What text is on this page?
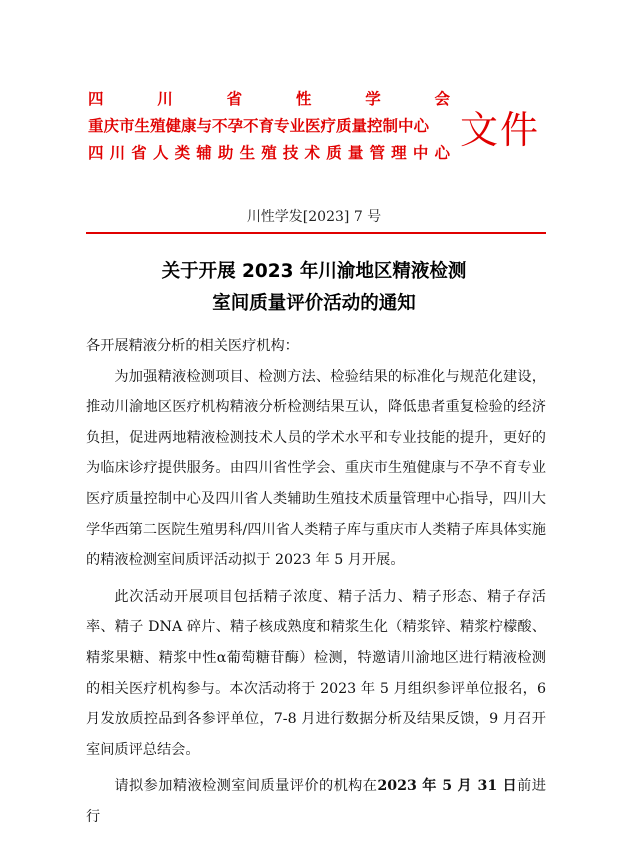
四	川	省	性	学	会
重庆市生殖健康与不孕不育专业医疗质量控制中心
四川省人类辅助生殖技术质量管理中心
文件
川性学发[2023] 7 号
关于开展 2023 年川渝地区精液检测
室间质量评价活动的通知

各开展精液分析的相关医疗机构：

为加强精液检测项目、检测方法、检验结果的标准化与规范化建设，推动川渝地区医疗机构精液分析检测结果互认，降低患者重复检验的经济负担，促进两地精液检测技术人员的学术水平和专业技能的提升，更好的为临床诊疗提供服务。由四川省性学会、重庆市生殖健康与不孕不育专业医疗质量控制中心及四川省人类辅助生殖技术质量管理中心指导，四川大学华西第二医院生殖男科/四川省人类精子库与重庆市人类精子库具体实施的精液检测室间质评活动拟于 2023 年 5 月开展。

此次活动开展项目包括精子浓度、精子活力、精子形态、精子存活率、精子 DNA 碎片、精子核成熟度和精浆生化（精浆锌、精浆柠檬酸、精浆果糖、精浆中性α葡萄糖苷酶）检测，特邀请川渝地区进行精液检测的相关医疗机构参与。本次活动将于 2023 年 5 月组织参评单位报名，6 月发放质控品到各参评单位，7-8 月进行数据分析及结果反馈，9 月召开室间质评总结会。

请拟参加精液检测室间质量评价的机构在2023 年 5 月 31 日前进行
